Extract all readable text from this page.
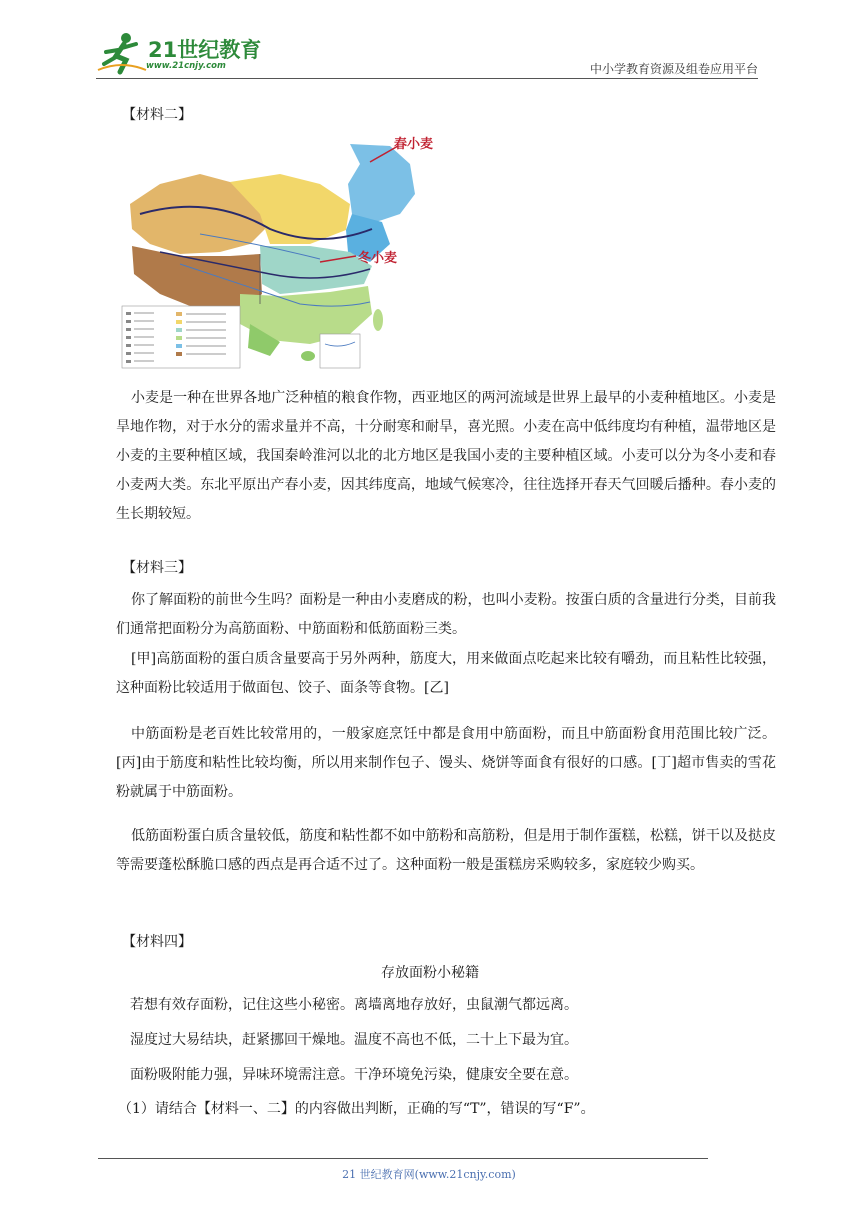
21世纪教育
www.21cnjy.com	中小学教育资源及组卷应用平台
【材料二】
春小麦
冬小麦
小麦是一种在世界各地广泛种植的粮食作物，西亚地区的两河流域是世界上最早的小麦种植地区。小麦是旱地作物，对于水分的需求量并不高，十分耐寒和耐旱，喜光照。小麦在高中低纬度均有种植，温带地区是小麦的主要种植区域，我国秦岭淮河以北的北方地区是我国小麦的主要种植区域。小麦可以分为冬小麦和春小麦两大类。东北平原出产春小麦，因其纬度高，地域气候寒冷，往往选择开春天气回暖后播种。春小麦的生长期较短。
【材料三】
你了解面粉的前世今生吗？面粉是一种由小麦磨成的粉，也叫小麦粉。按蛋白质的含量进行分类，目前我们通常把面粉分为高筋面粉、中筋面粉和低筋面粉三类。
[甲]高筋面粉的蛋白质含量要高于另外两种，筋度大，用来做面点吃起来比较有嚼劲，而且粘性比较强，这种面粉比较适用于做面包、饺子、面条等食物。[乙]
中筋面粉是老百姓比较常用的，一般家庭烹饪中都是食用中筋面粉，而且中筋面粉食用范围比较广泛。[丙]由于筋度和粘性比较均衡，所以用来制作包子、馒头、烧饼等面食有很好的口感。[丁]超市售卖的雪花粉就属于中筋面粉。
低筋面粉蛋白质含量较低，筋度和粘性都不如中筋粉和高筋粉，但是用于制作蛋糕，松糕，饼干以及挞皮等需要蓬松酥脆口感的西点是再合适不过了。这种面粉一般是蛋糕房采购较多，家庭较少购买。
【材料四】
存放面粉小秘籍
若想有效存面粉，记住这些小秘密。离墙离地存放好，虫鼠潮气都远离。
湿度过大易结块，赶紧挪回干燥地。温度不高也不低，二十上下最为宜。
面粉吸附能力强，异味环境需注意。干净环境免污染，健康安全要在意。
（1）请结合【材料一、二】的内容做出判断，正确的写“T”，错误的写“F”。
21 世纪教育网(www.21cnjy.com)
